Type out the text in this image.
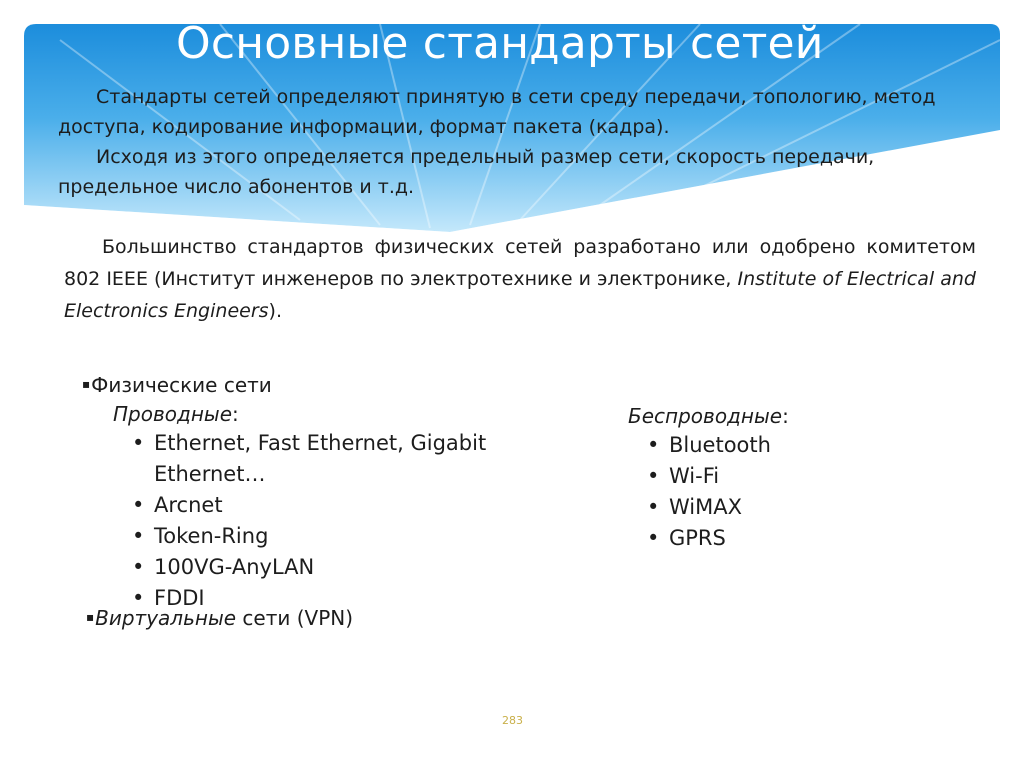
Основные стандарты сетей

Стандарты сетей определяют принятую в сети среду передачи, топологию, метод доступа, кодирование информации, формат пакета (кадра).

Исходя из этого определяется предельный размер сети, скорость передачи, предельное число абонентов и т.д.

Большинство стандартов физических сетей разработано или одобрено комитетом 802 IEEE (Институт инженеров по электротехнике и электронике, Institute of Electrical and Electronics Engineers).

▪Физические сети
Проводные:
• Ethernet, Fast Ethernet, Gigabit Ethernet…
• Arcnet
• Token-Ring
• 100VG-AnyLAN
• FDDI
Беспроводные:
• Bluetooth
• Wi-Fi
• WiMAX
• GPRS
▪Виртуальные сети (VPN)
283
